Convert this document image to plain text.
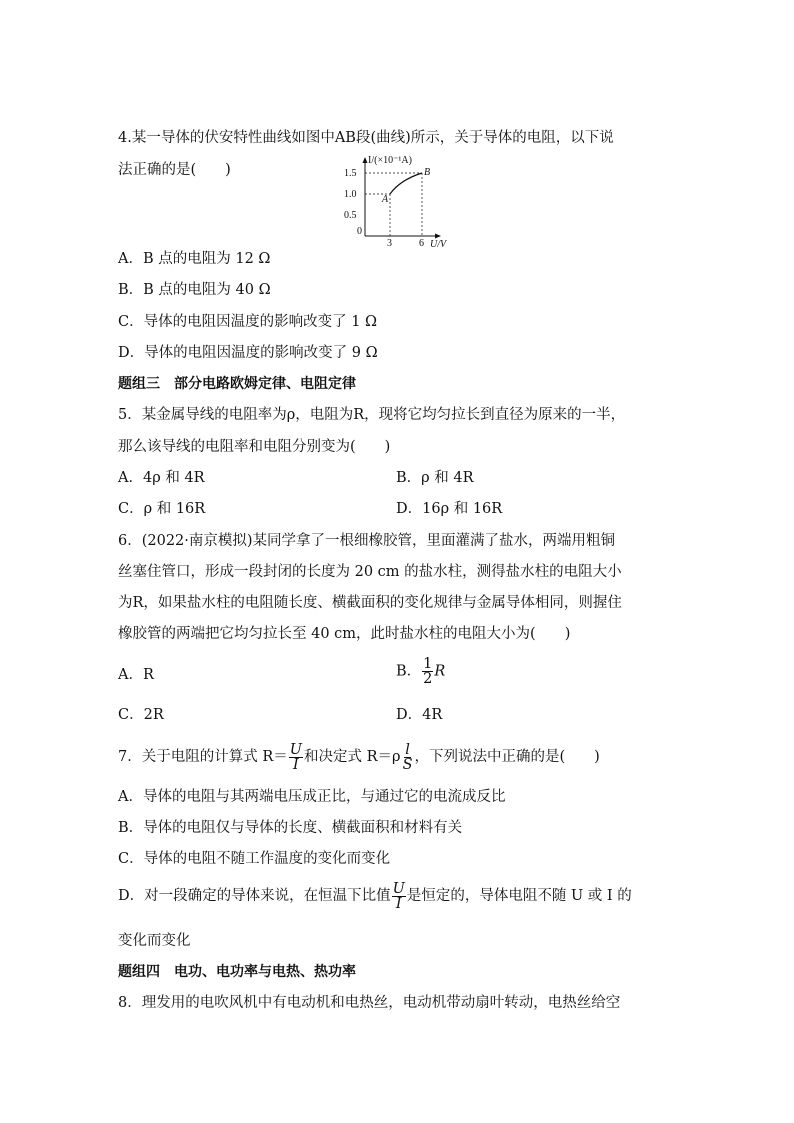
4.某一导体的伏安特性曲线如图中AB段(曲线)所示，关于导体的电阻，以下说
法正确的是(　　)
I/(×10⁻¹A)
1.5
1.0
0.5
0
3	6 U/V
A
B
A．B 点的电阻为 12 Ω
B．B 点的电阻为 40 Ω
C．导体的电阻因温度的影响改变了 1 Ω
D．导体的电阻因温度的影响改变了 9 Ω
题组三　部分电路欧姆定律、电阻定律
5．某金属导线的电阻率为ρ，电阻为R，现将它均匀拉长到直径为原来的一半，
那么该导线的电阻率和电阻分别变为(　　)
A．4ρ 和 4R	B．ρ 和 4R
C．ρ 和 16R	D．16ρ 和 16R
6．(2022·南京模拟)某同学拿了一根细橡胶管，里面灌满了盐水，两端用粗铜
丝塞住管口，形成一段封闭的长度为 20 cm 的盐水柱，测得盐水柱的电阻大小
为R，如果盐水柱的电阻随长度、横截面积的变化规律与金属导体相同，则握住
橡胶管的两端把它均匀拉长至 40 cm，此时盐水柱的电阻大小为(　　)
A．R	B． $\frac{1}{2}$ R
C．2R	D．4R
7．关于电阻的计算式 $R= \frac{U}{I}$ 和决定式 $R=\rho \frac{l}{S}$ ，下列说法中正确的是(　　)
A．导体的电阻与其两端电压成正比，与通过它的电流成反比
B．导体的电阻仅与导体的长度、横截面积和材料有关
C．导体的电阻不随工作温度的变化而变化
D．对一段确定的导体来说，在恒温下比值 $\frac{U}{I}$ 是恒定的，导体电阻不随 U 或 I 的
变化而变化
题组四　电功、电功率与电热、热功率
8．理发用的电吹风机中有电动机和电热丝，电动机带动扇叶转动，电热丝给空
